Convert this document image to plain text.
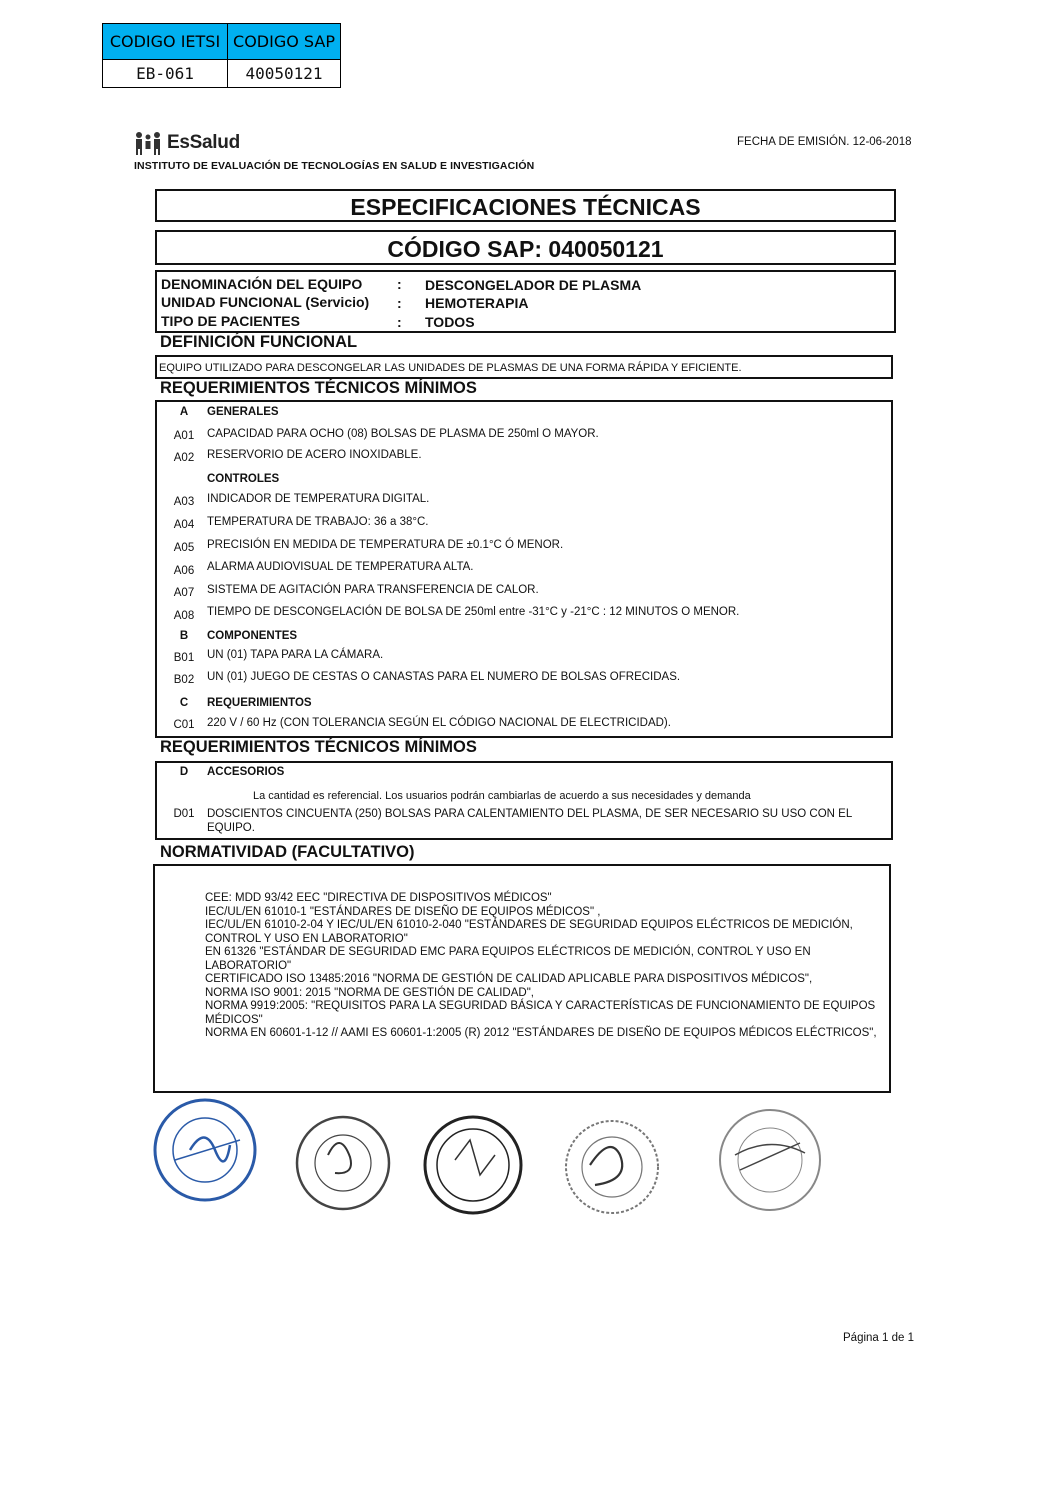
CODIGO IETSI	CODIGO SAP
EB-061	40050121
EsSalud
INSTITUTO DE EVALUACIÓN DE TECNOLOGÍAS EN SALUD E INVESTIGACIÓN
FECHA DE EMISIÓN. 12-06-2018
ESPECIFICACIONES TÉCNICAS
CÓDIGO SAP: 040050121
DENOMINACIÓN DEL EQUIPO : DESCONGELADOR DE PLASMA
UNIDAD FUNCIONAL (Servicio) : HEMOTERAPIA
TIPO DE PACIENTES	: TODOS
DEFINICIÓN FUNCIONAL
EQUIPO UTILIZADO PARA DESCONGELAR LAS UNIDADES DE PLASMAS DE UNA FORMA RÁPIDA Y EFICIENTE.
REQUERIMIENTOS TÉCNICOS MÍNIMOS
A	GENERALES
A01 CAPACIDAD PARA OCHO (08) BOLSAS DE PLASMA DE 250ml O MAYOR.
A02 RESERVORIO DE ACERO INOXIDABLE.
CONTROLES
A03 INDICADOR DE TEMPERATURA DIGITAL.
A04 TEMPERATURA DE TRABAJO: 36 a 38°C.
A05 PRECISIÓN EN MEDIDA DE TEMPERATURA DE ±0.1°C Ó MENOR.
A06 ALARMA AUDIOVISUAL DE TEMPERATURA ALTA.
A07 SISTEMA DE AGITACIÓN PARA TRANSFERENCIA DE CALOR.
A08 TIEMPO DE DESCONGELACIÓN DE BOLSA DE 250ml entre -31°C y -21°C : 12 MINUTOS O MENOR.
B	COMPONENTES
B01 UN (01) TAPA PARA LA CÁMARA.
B02 UN (01) JUEGO DE CESTAS O CANASTAS PARA EL NUMERO DE BOLSAS OFRECIDAS.
C	REQUERIMIENTOS
C01 220 V / 60 Hz (CON TOLERANCIA SEGÚN EL CÓDIGO NACIONAL DE ELECTRICIDAD).
REQUERIMIENTOS TÉCNICOS MÍNIMOS
D	ACCESORIOS
La cantidad es referencial. Los usuarios podrán cambiarlas de acuerdo a sus necesidades y demanda
D01 DOSCIENTOS CINCUENTA (250) BOLSAS PARA CALENTAMIENTO DEL PLASMA, DE SER NECESARIO SU USO CON EL EQUIPO.
NORMATIVIDAD (FACULTATIVO)
CEE: MDD 93/42 EEC "DIRECTIVA DE DISPOSITIVOS MÉDICOS"
IEC/UL/EN 61010-1 "ESTÁNDARES DE DISEÑO DE EQUIPOS MÉDICOS" ,
IEC/UL/EN 61010-2-04 Y IEC/UL/EN 61010-2-040 "ESTÁNDARES DE SEGURIDAD EQUIPOS ELÉCTRICOS DE MEDICIÓN, CONTROL Y USO EN LABORATORIO"
EN 61326 "ESTÁNDAR DE SEGURIDAD EMC PARA EQUIPOS ELÉCTRICOS DE MEDICIÓN, CONTROL Y USO EN LABORATORIO"
CERTIFICADO ISO 13485:2016 "NORMA DE GESTIÓN DE CALIDAD APLICABLE PARA DISPOSITIVOS MÉDICOS",
NORMA ISO 9001: 2015 "NORMA DE GESTIÓN DE CALIDAD",
NORMA 9919:2005: "REQUISITOS PARA LA SEGURIDAD BÁSICA Y CARACTERÍSTICAS DE FUNCIONAMIENTO DE EQUIPOS MÉDICOS"
NORMA EN 60601-1-12 // AAMI ES 60601-1:2005 (R) 2012 "ESTÁNDARES DE DISEÑO DE EQUIPOS MÉDICOS ELÉCTRICOS",
Página 1 de 1
